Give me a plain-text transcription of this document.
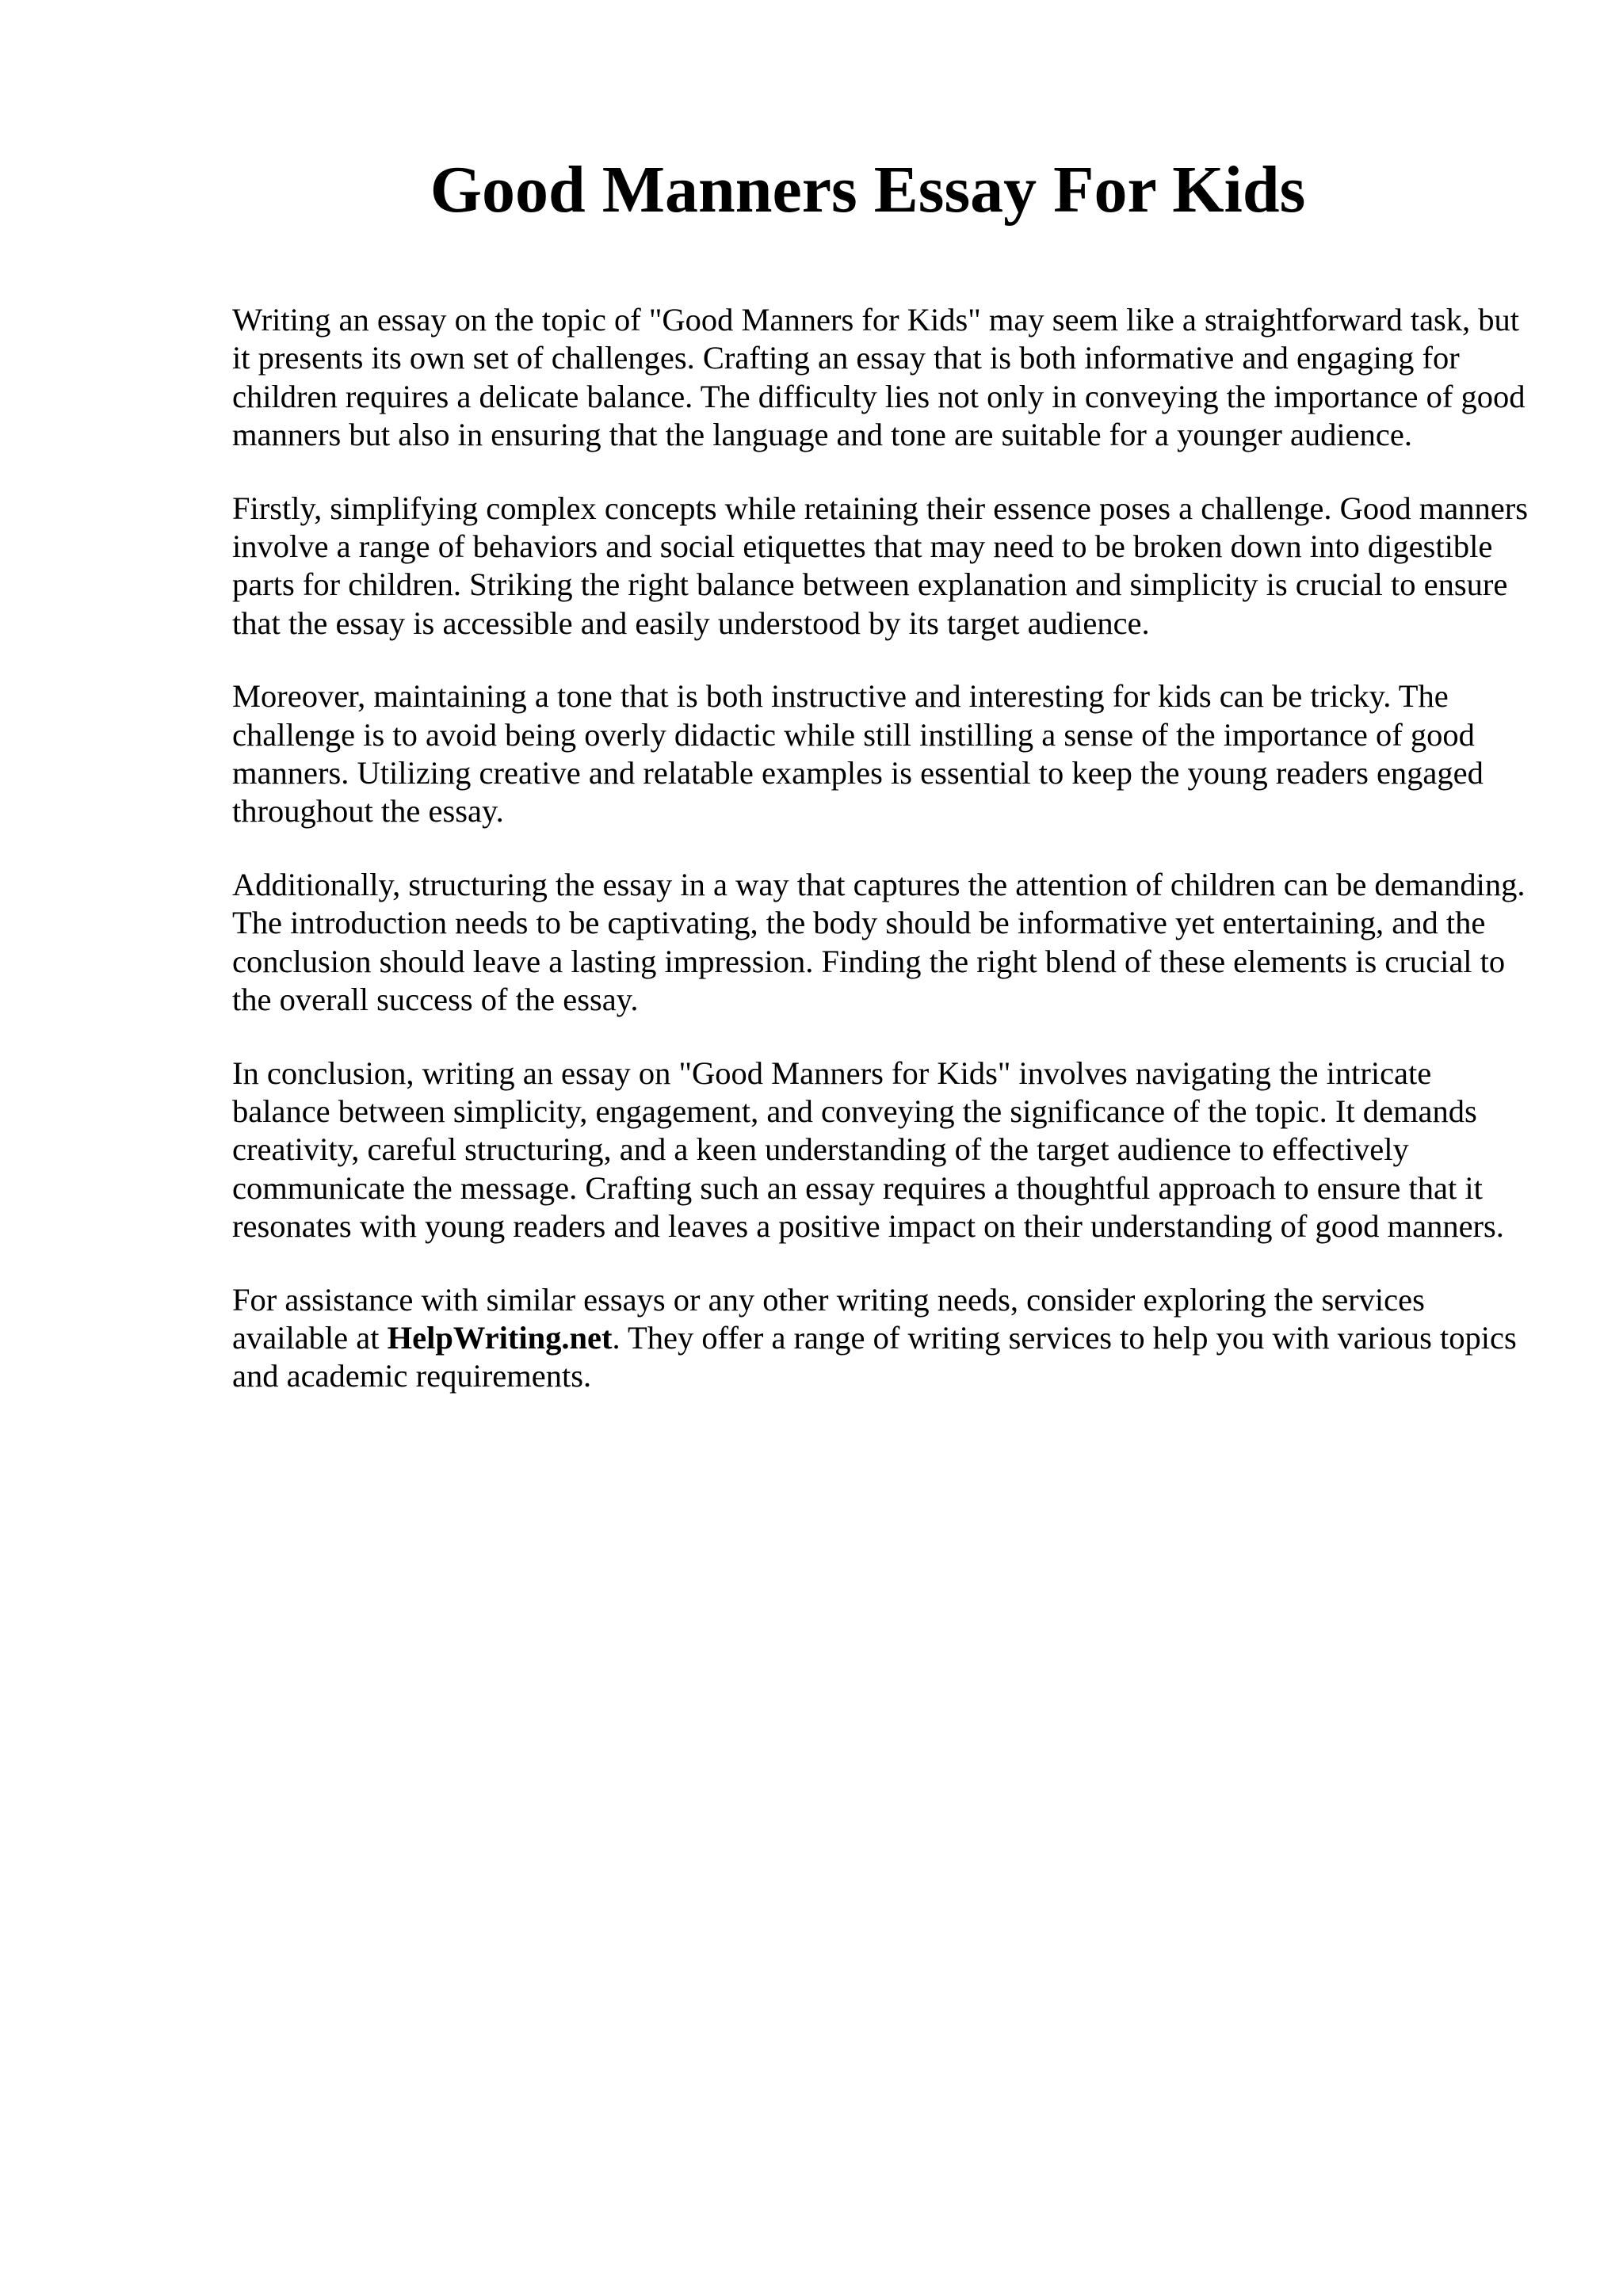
Good Manners Essay For Kids

Writing an essay on the topic of "Good Manners for Kids" may seem like a straightforward task, but it presents its own set of challenges. Crafting an essay that is both informative and engaging for children requires a delicate balance. The difficulty lies not only in conveying the importance of good manners but also in ensuring that the language and tone are suitable for a younger audience.

Firstly, simplifying complex concepts while retaining their essence poses a challenge. Good manners involve a range of behaviors and social etiquettes that may need to be broken down into digestible parts for children. Striking the right balance between explanation and simplicity is crucial to ensure that the essay is accessible and easily understood by its target audience.

Moreover, maintaining a tone that is both instructive and interesting for kids can be tricky. The challenge is to avoid being overly didactic while still instilling a sense of the importance of good manners. Utilizing creative and relatable examples is essential to keep the young readers engaged throughout the essay.

Additionally, structuring the essay in a way that captures the attention of children can be demanding. The introduction needs to be captivating, the body should be informative yet entertaining, and the conclusion should leave a lasting impression. Finding the right blend of these elements is crucial to the overall success of the essay.

In conclusion, writing an essay on "Good Manners for Kids" involves navigating the intricate balance between simplicity, engagement, and conveying the significance of the topic. It demands creativity, careful structuring, and a keen understanding of the target audience to effectively communicate the message. Crafting such an essay requires a thoughtful approach to ensure that it resonates with young readers and leaves a positive impact on their understanding of good manners.

For assistance with similar essays or any other writing needs, consider exploring the services available at HelpWriting.net. They offer a range of writing services to help you with various topics and academic requirements.
